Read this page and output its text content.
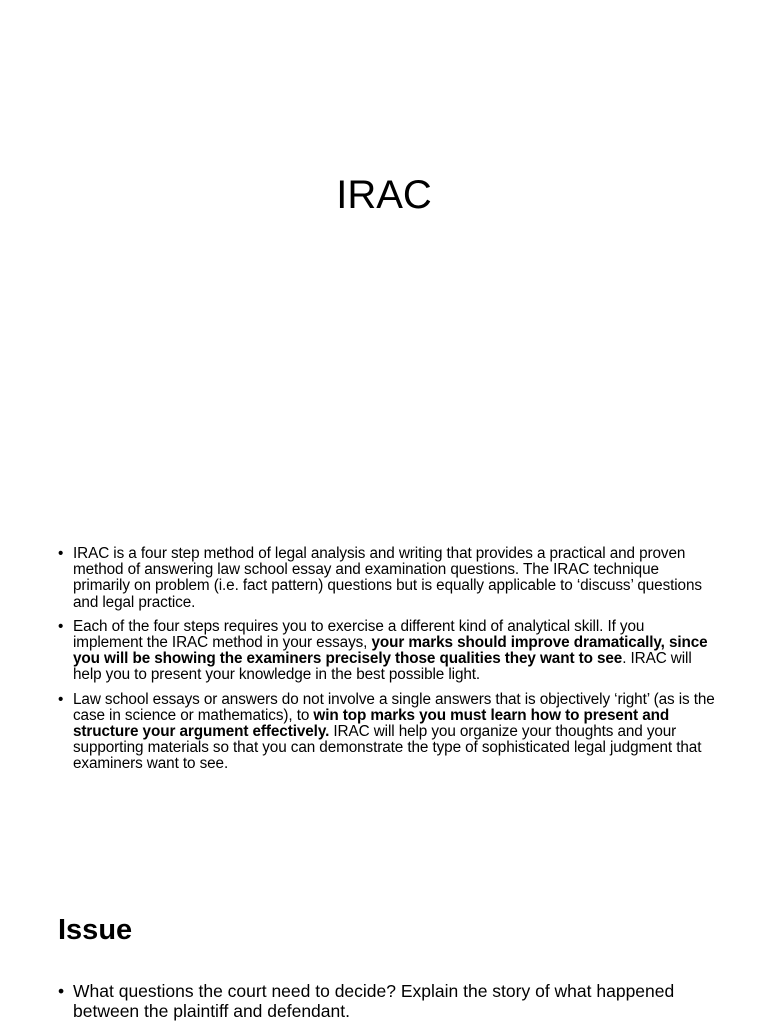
IRAC
• IRAC is a four step method of legal analysis and writing that provides a practical and proven method of answering law school essay and examination questions. The IRAC technique primarily on problem (i.e. fact pattern) questions but is equally applicable to ‘discuss’ questions and legal practice.
• Each of the four steps requires you to exercise a different kind of analytical skill. If you implement the IRAC method in your essays, your marks should improve dramatically, since you will be showing the examiners precisely those qualities they want to see. IRAC will help you to present your knowledge in the best possible light.
• Law school essays or answers do not involve a single answers that is objectively ‘right’ (as is the case in science or mathematics), to win top marks you must learn how to present and structure your argument effectively. IRAC will help you organize your thoughts and your supporting materials so that you can demonstrate the type of sophisticated legal judgment that examiners want to see.
Issue
• What questions the court need to decide? Explain the story of what happened between the plaintiff and defendant.
